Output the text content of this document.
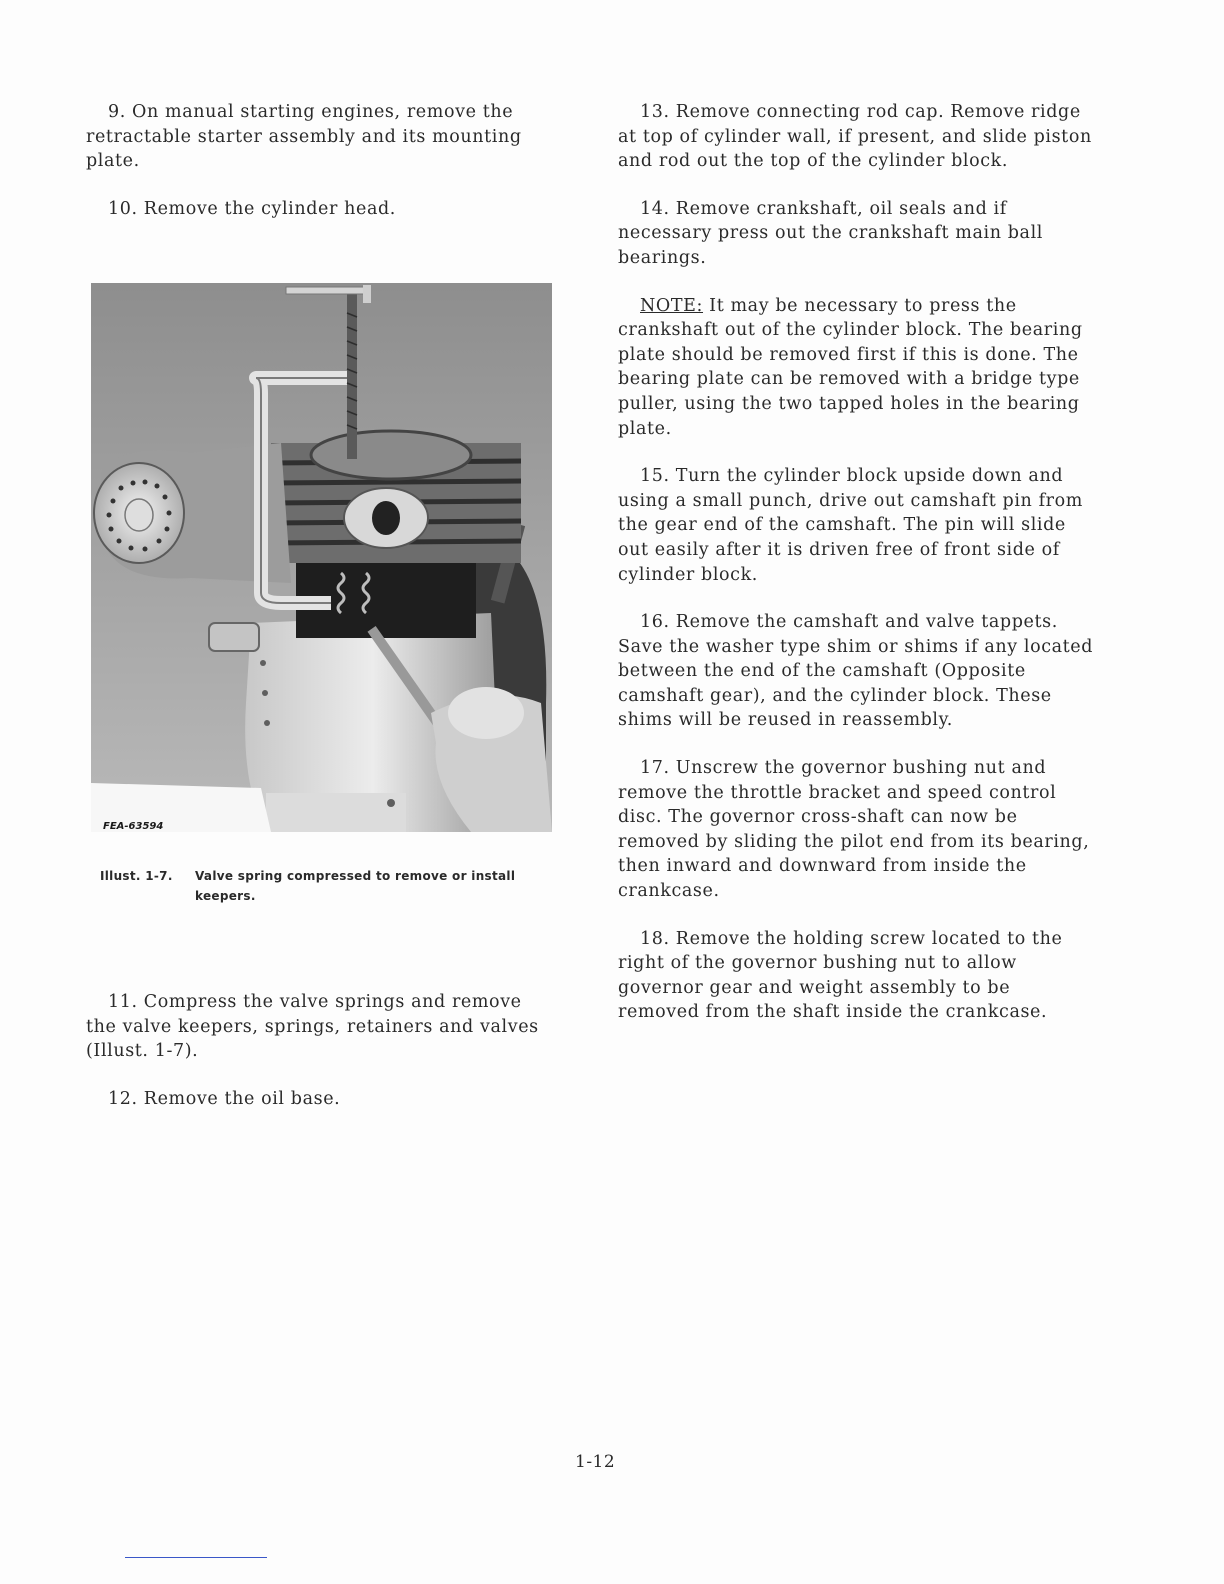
9. On manual starting engines, remove the retractable starter assembly and its mounting plate.

10. Remove the cylinder head.

FEA-63594
Illust. 1-7. Valve spring compressed to remove or install
keepers.

11. Compress the valve springs and remove the valve keepers, springs, retainers and valves (Illust. 1-7).

12. Remove the oil base.

13. Remove connecting rod cap. Remove ridge at top of cylinder wall, if present, and slide piston and rod out the top of the cylinder block.

14. Remove crankshaft, oil seals and if necessary press out the crankshaft main ball bearings.

NOTE: It may be necessary to press the crankshaft out of the cylinder block. The bearing plate should be removed first if this is done. The bearing plate can be removed with a bridge type puller, using the two tapped holes in the bearing plate.

15. Turn the cylinder block upside down and using a small punch, drive out camshaft pin from the gear end of the camshaft. The pin will slide out easily after it is driven free of front side of cylinder block.

16. Remove the camshaft and valve tappets. Save the washer type shim or shims if any located between the end of the camshaft (Opposite camshaft gear), and the cylinder block. These shims will be reused in reassembly.

17. Unscrew the governor bushing nut and remove the throttle bracket and speed control disc. The governor cross-shaft can now be removed by sliding the pilot end from its bearing, then inward and downward from inside the crankcase.

18. Remove the holding screw located to the right of the governor bushing nut to allow governor gear and weight assembly to be removed from the shaft inside the crankcase.

1-12
